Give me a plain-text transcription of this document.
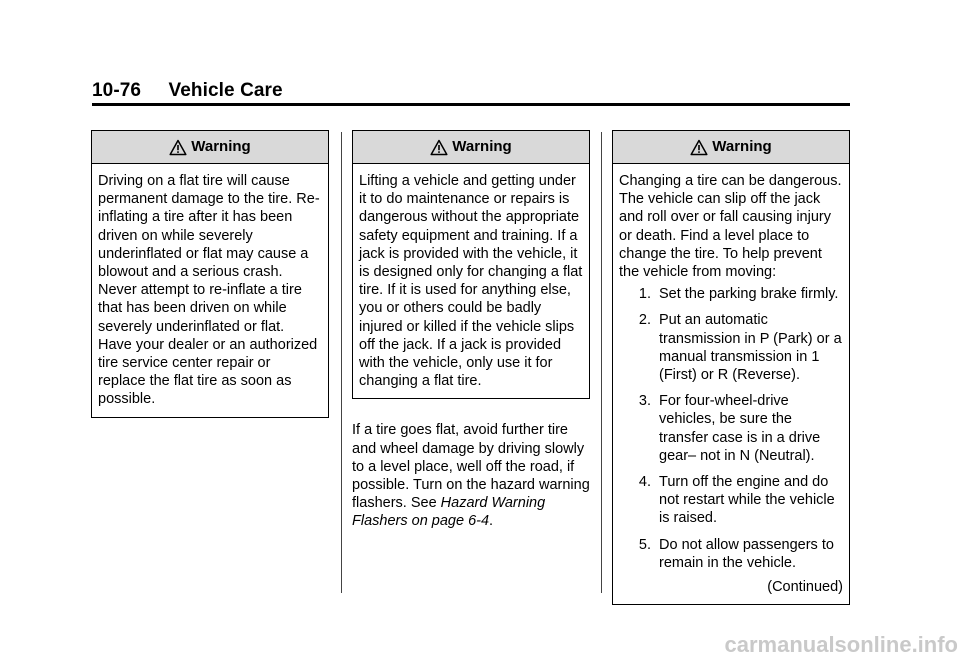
10-76 Vehicle Care
Warning
Driving on a flat tire will cause permanent damage to the tire. Re-inflating a tire after it has been driven on while severely underinflated or flat may cause a blowout and a serious crash. Never attempt to re-inflate a tire that has been driven on while severely underinflated or flat. Have your dealer or an authorized tire service center repair or replace the flat tire as soon as possible.
Warning
Lifting a vehicle and getting under it to do maintenance or repairs is dangerous without the appropriate safety equipment and training. If a jack is provided with the vehicle, it is designed only for changing a flat tire. If it is used for anything else, you or others could be badly injured or killed if the vehicle slips off the jack. If a jack is provided with the vehicle, only use it for changing a flat tire.
If a tire goes flat, avoid further tire and wheel damage by driving slowly to a level place, well off the road, if possible. Turn on the hazard warning flashers. See Hazard Warning Flashers on page 6-4.
Warning
Changing a tire can be dangerous. The vehicle can slip off the jack and roll over or fall causing injury or death. Find a level place to change the tire. To help prevent the vehicle from moving:
1. Set the parking brake firmly.
2. Put an automatic transmission in P (Park) or a manual transmission in 1 (First) or R (Reverse).
3. For four-wheel-drive vehicles, be sure the transfer case is in a drive gear– not in N (Neutral).
4. Turn off the engine and do not restart while the vehicle is raised.
5. Do not allow passengers to remain in the vehicle.
(Continued)
carmanualsonline.info
